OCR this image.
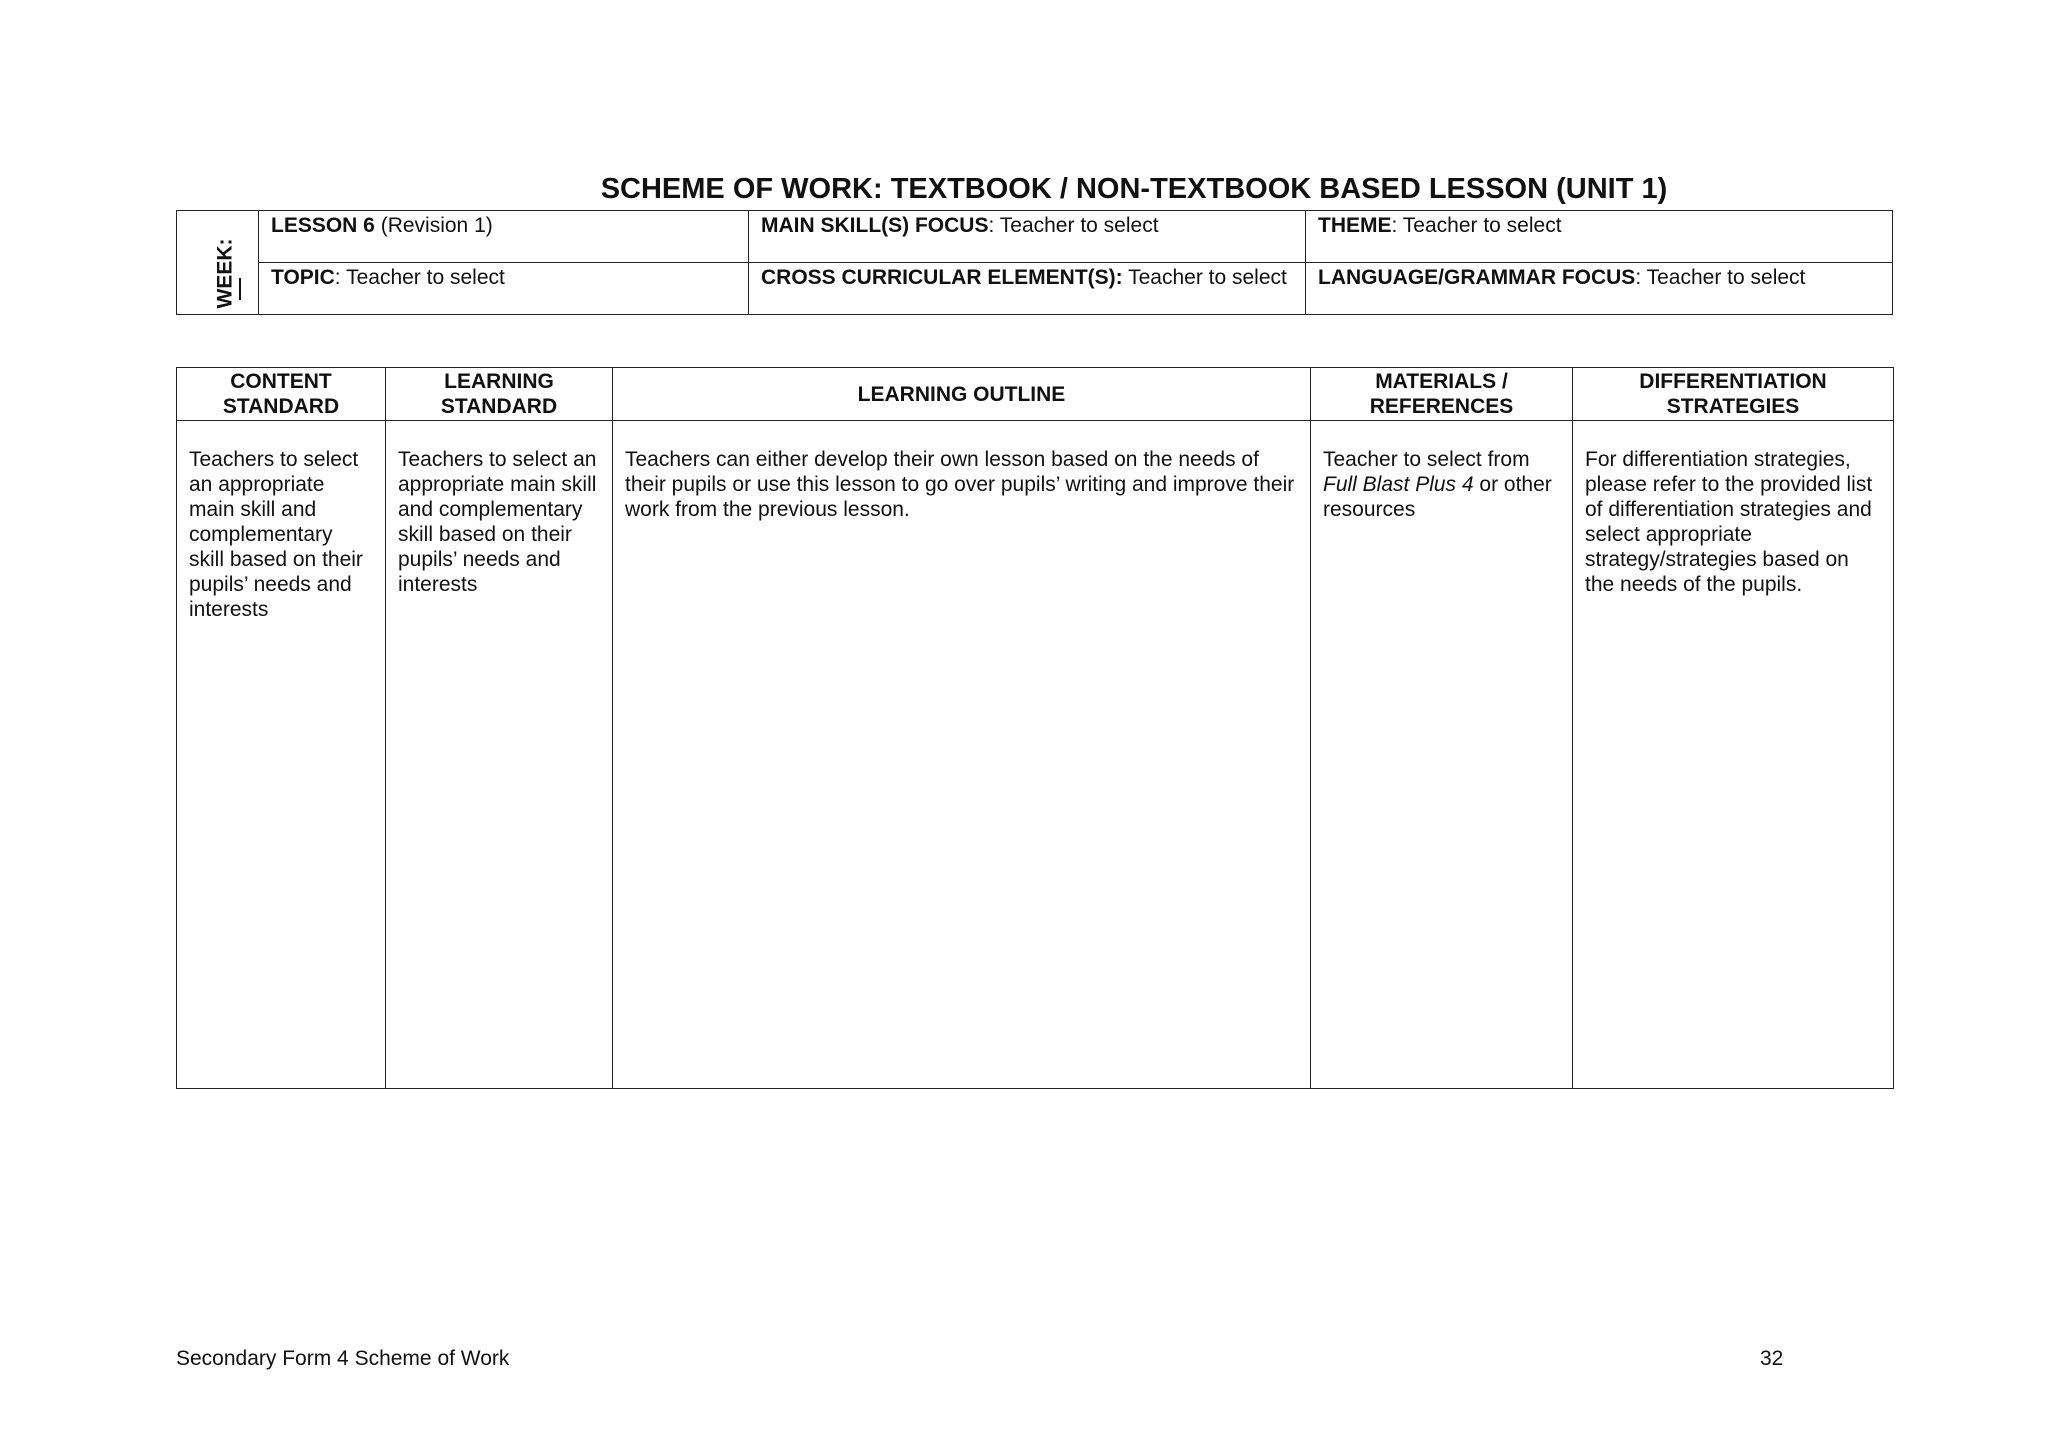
SCHEME OF WORK: TEXTBOOK / NON-TEXTBOOK BASED LESSON (UNIT 1)
WEEK:	LESSON 6 (Revision 1)	MAIN SKILL(S) FOCUS: Teacher to select	THEME: Teacher to select
	TOPIC: Teacher to select	CROSS CURRICULAR ELEMENT(S): Teacher to select	LANGUAGE/GRAMMAR FOCUS: Teacher to select
CONTENT STANDARD	LEARNING STANDARD	LEARNING OUTLINE	MATERIALS / REFERENCES	DIFFERENTIATION STRATEGIES
Teachers to select an appropriate main skill and complementary skill based on their pupils’ needs and interests	Teachers to select an appropriate main skill and complementary skill based on their pupils’ needs and interests	Teachers can either develop their own lesson based on the needs of their pupils or use this lesson to go over pupils’ writing and improve their work from the previous lesson.	Teacher to select from Full Blast Plus 4 or other resources	For differentiation strategies, please refer to the provided list of differentiation strategies and select appropriate strategy/strategies based on the needs of the pupils.
Secondary Form 4 Scheme of Work	32
